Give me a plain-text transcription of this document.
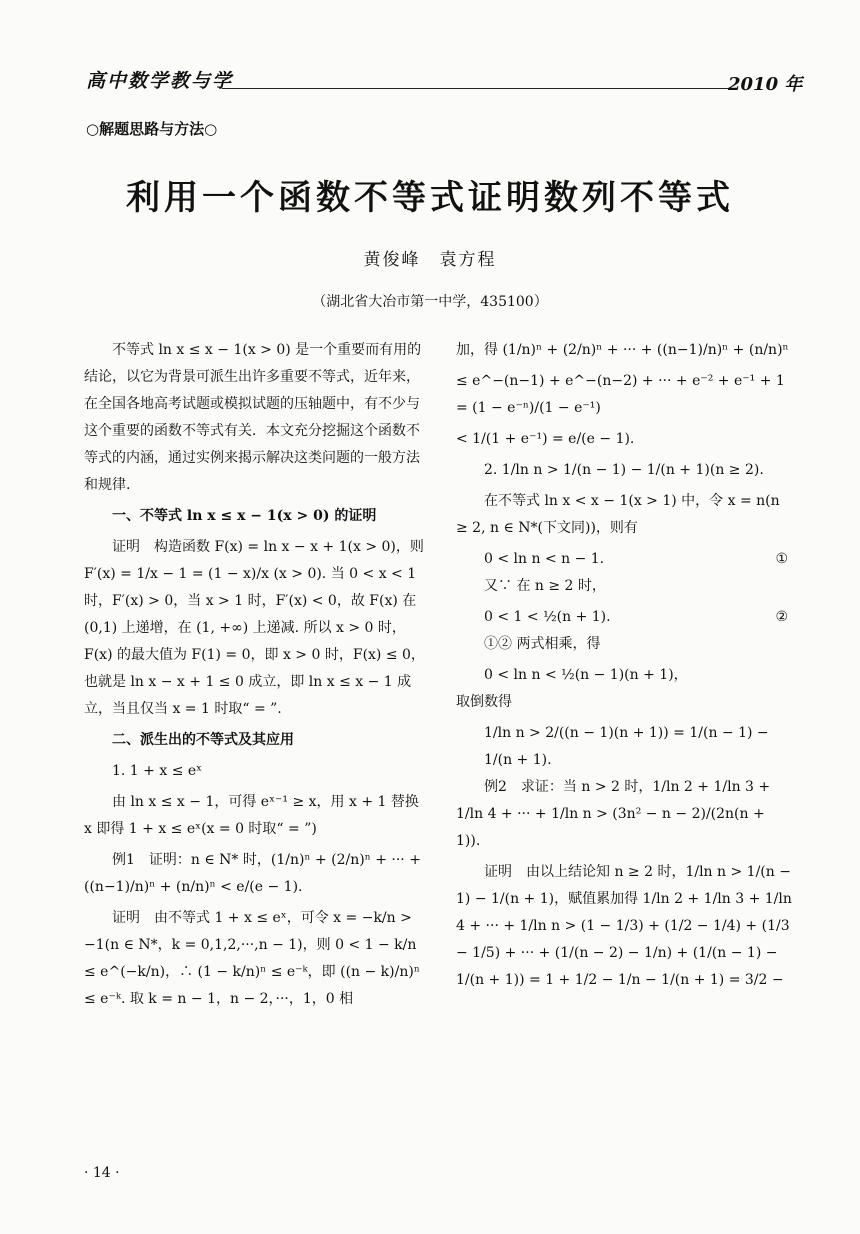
高中数学教与学	2010 年
○解题思路与方法○
利用一个函数不等式证明数列不等式
黄俊峰　袁方程
（湖北省大冶市第一中学，435100）

不等式 ln x ≤ x − 1(x > 0) 是一个重要而有用的结论，以它为背景可派生出许多重要不等式，近年来，在全国各地高考试题或模拟试题的压轴题中，有不少与这个重要的函数不等式有关．本文充分挖掘这个函数不等式的内涵，通过实例来揭示解决这类问题的一般方法和规律.

一、不等式 ln x ≤ x − 1(x > 0) 的证明

证明　构造函数 F(x) = ln x − x + 1(x > 0)，则 F′(x) = 1/x − 1 = (1 − x)/x (x > 0). 当 0 < x < 1 时，F′(x) > 0，当 x > 1 时，F′(x) < 0，故 F(x) 在 (0,1) 上递增，在 (1, +∞) 上递减. 所以 x > 0 时，F(x) 的最大值为 F(1) = 0，即 x > 0 时，F(x) ≤ 0，也就是 ln x − x + 1 ≤ 0 成立，即 ln x ≤ x − 1 成立，当且仅当 x = 1 时取“ = ”.

二、派生出的不等式及其应用

1. 1 + x ≤ eˣ

由 ln x ≤ x − 1，可得 eˣ⁻¹ ≥ x，用 x + 1 替换 x 即得 1 + x ≤ eˣ(x = 0 时取“ = ”)

例1　证明：n ∈ N* 时，(1/n)ⁿ + (2/n)ⁿ + ··· + ((n−1)/n)ⁿ + (n/n)ⁿ < e/(e − 1).

证明　由不等式 1 + x ≤ eˣ，可令 x = −k/n > −1(n ∈ N*，k = 0,1,2,···,n − 1)，则 0 < 1 − k/n ≤ e^(−k/n)，∴ (1 − k/n)ⁿ ≤ e⁻ᵏ，即 ((n − k)/n)ⁿ ≤ e⁻ᵏ. 取 k = n − 1，n − 2，···，1，0 相

加，得 (1/n)ⁿ + (2/n)ⁿ + ··· + ((n−1)/n)ⁿ + (n/n)ⁿ

≤ e^−(n−1) + e^−(n−2) + ··· + e⁻² + e⁻¹ + 1 = (1 − e⁻ⁿ)/(1 − e⁻¹)

< 1/(1 + e⁻¹) = e/(e − 1).

2. 1/ln n > 1/(n − 1) − 1/(n + 1)(n ≥ 2).

在不等式 ln x < x − 1(x > 1) 中，令 x = n(n ≥ 2, n ∈ N*(下文同))，则有

0 < ln n < n − 1.	①

又∵ 在 n ≥ 2 时，

0 < 1 < ½(n + 1).	②

①② 两式相乘，得

0 < ln n < ½(n − 1)(n + 1)，

取倒数得

1/ln n > 2/((n − 1)(n + 1)) = 1/(n − 1) − 1/(n + 1).

例2　求证：当 n > 2 时，1/ln 2 + 1/ln 3 + 1/ln 4 + ··· + 1/ln n > (3n² − n − 2)/(2n(n + 1)).

证明　由以上结论知 n ≥ 2 时，1/ln n > 1/(n − 1) − 1/(n + 1)，赋值累加得 1/ln 2 + 1/ln 3 + 1/ln 4 + ··· + 1/ln n > (1 − 1/3) + (1/2 − 1/4) + (1/3 − 1/5) + ··· + (1/(n − 2) − 1/n) + (1/(n − 1) − 1/(n + 1)) = 1 + 1/2 − 1/n − 1/(n + 1) = 3/2 −

· 14 ·
